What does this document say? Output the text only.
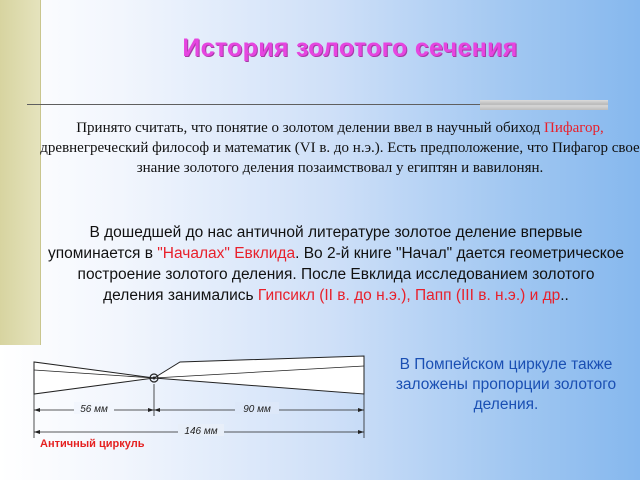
История золотого сечения
Принято считать, что понятие о золотом делении ввел в научный обиход Пифагор, древнегреческий философ и математик (VI в. до н.э.). Есть предположение, что Пифагор свое знание золотого деления позаимствовал у египтян и вавилонян.
В дошедшей до нас античной литературе золотое деление впервые упоминается в "Началах" Евклида. Во 2-й книге "Начал" дается геометрическое построение золотого деления. После Евклида исследованием золотого деления занимались Гипсикл (II в. до н.э.), Папп (III в. н.э.) и др..
56 мм	90 мм
146 мм
Античный циркуль
В Помпейском циркуле также заложены пропорции золотого деления.
